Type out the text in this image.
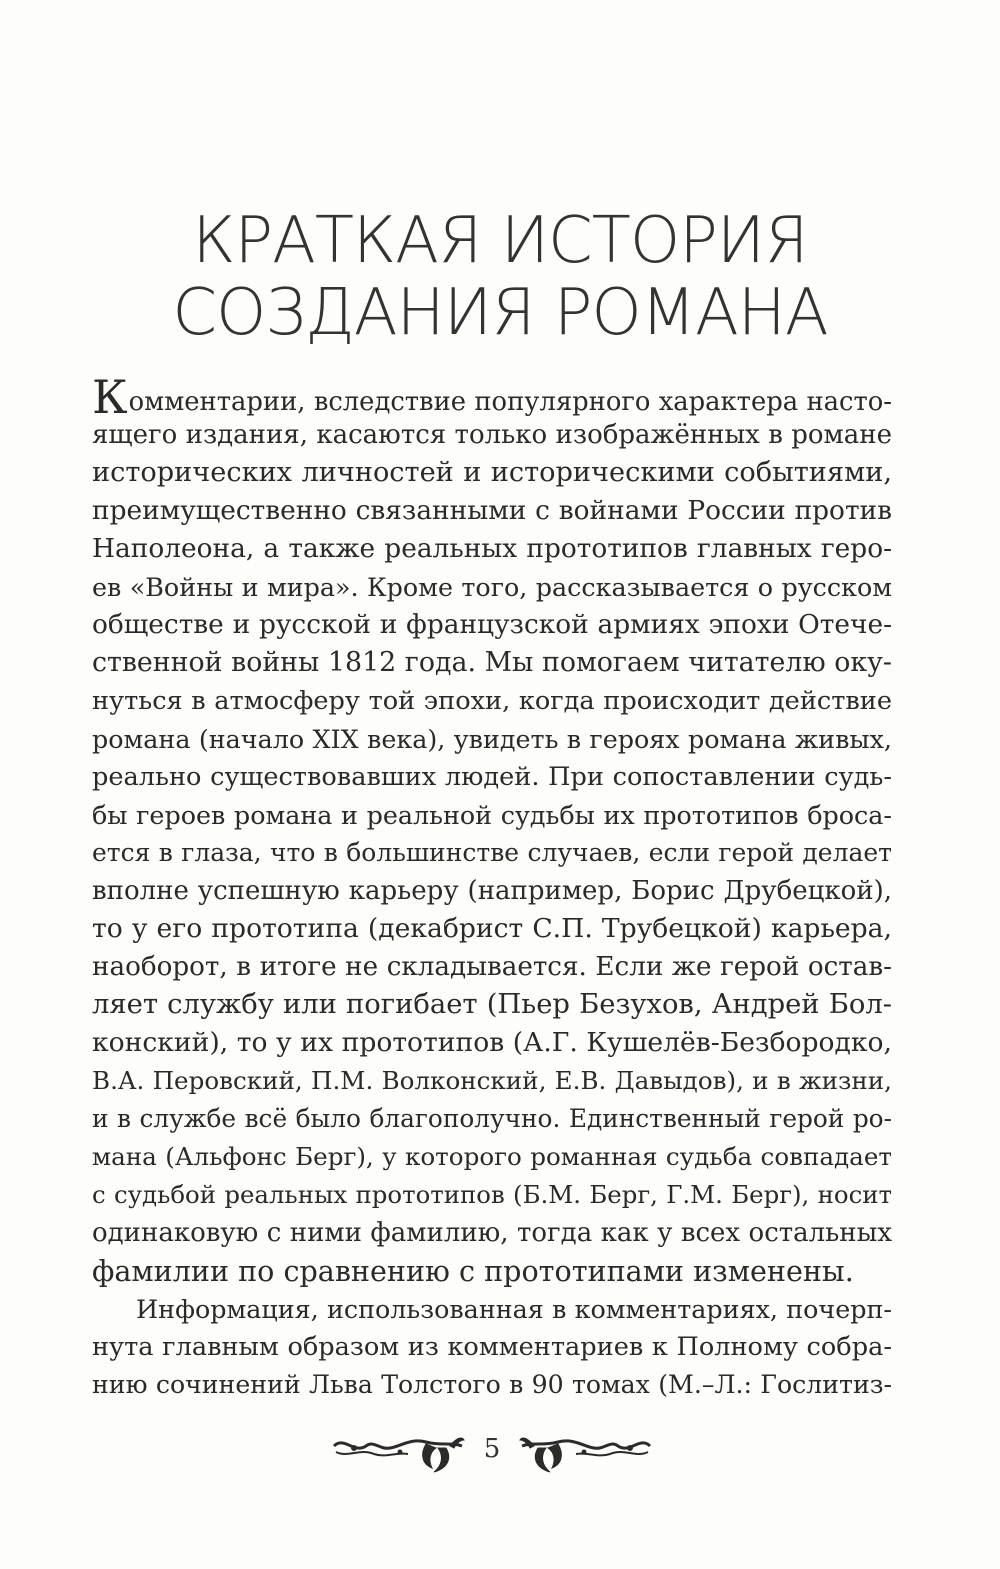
КРАТКАЯ ИСТОРИЯ
СОЗДАНИЯ РОМАНА
Комментарии, вследствие популярного характера насто-
ящего издания, касаются только изображённых в романе
исторических личностей и историческими событиями,
преимущественно связанными с войнами России против
Наполеона, а также реальных прототипов главных геро-
ев «Войны и мира». Кроме того, рассказывается о русском
обществе и русской и французской армиях эпохи Отече-
ственной войны 1812 года. Мы помогаем читателю оку-
нуться в атмосферу той эпохи, когда происходит действие
романа (начало XIX века), увидеть в героях романа живых,
реально существовавших людей. При сопоставлении судь-
бы героев романа и реальной судьбы их прототипов броса-
ется в глаза, что в большинстве случаев, если герой делает
вполне успешную карьеру (например, Борис Друбецкой),
то у его прототипа (декабрист С.П. Трубецкой) карьера,
наоборот, в итоге не складывается. Если же герой остав-
ляет службу или погибает (Пьер Безухов, Андрей Бол-
конский), то у их прототипов (А.Г. Кушелёв-Безбородко,
В.А. Перовский, П.М. Волконский, Е.В. Давыдов), и в жизни,
и в службе всё было благополучно. Единственный герой ро-
мана (Альфонс Берг), у которого романная судьба совпадает
с судьбой реальных прототипов (Б.М. Берг, Г.М. Берг), носит
одинаковую с ними фамилию, тогда как у всех остальных
фамилии по сравнению с прототипами изменены.
Информация, использованная в комментариях, почерп-
нута главным образом из комментариев к Полному собра-
нию сочинений Льва Толстого в 90 томах (М.–Л.: Гослитиз-
5
